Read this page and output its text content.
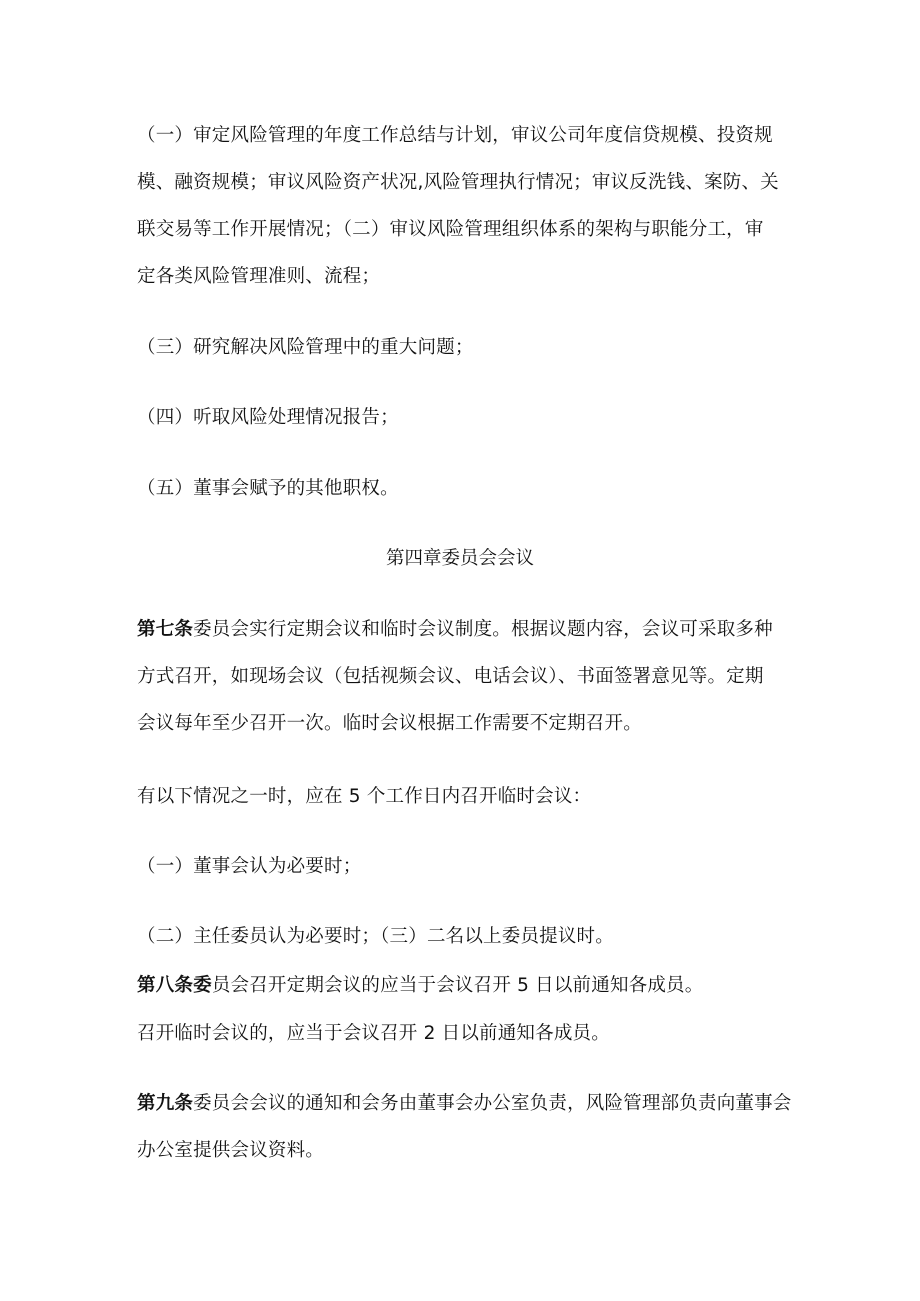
（一）审定风险管理的年度工作总结与计划，审议公司年度信贷规模、投资规
模、融资规模；审议风险资产状况,风险管理执行情况；审议反洗钱、案防、关
联交易等工作开展情况；（二）审议风险管理组织体系的架构与职能分工，审
定各类风险管理准则、流程；
（三）研究解决风险管理中的重大问题；
（四）听取风险处理情况报告；
（五）董事会赋予的其他职权。
第四章委员会会议
第七条委员会实行定期会议和临时会议制度。根据议题内容，会议可采取多种
方式召开，如现场会议（包括视频会议、电话会议）、书面签署意见等。定期
会议每年至少召开一次。临时会议根据工作需要不定期召开。
有以下情况之一时，应在 5 个工作日内召开临时会议：
（一）董事会认为必要时；
（二）主任委员认为必要时；（三）二名以上委员提议时。
第八条委员会召开定期会议的应当于会议召开 5 日以前通知各成员。
召开临时会议的，应当于会议召开 2 日以前通知各成员。
第九条委员会会议的通知和会务由董事会办公室负责，风险管理部负责向董事会
办公室提供会议资料。
